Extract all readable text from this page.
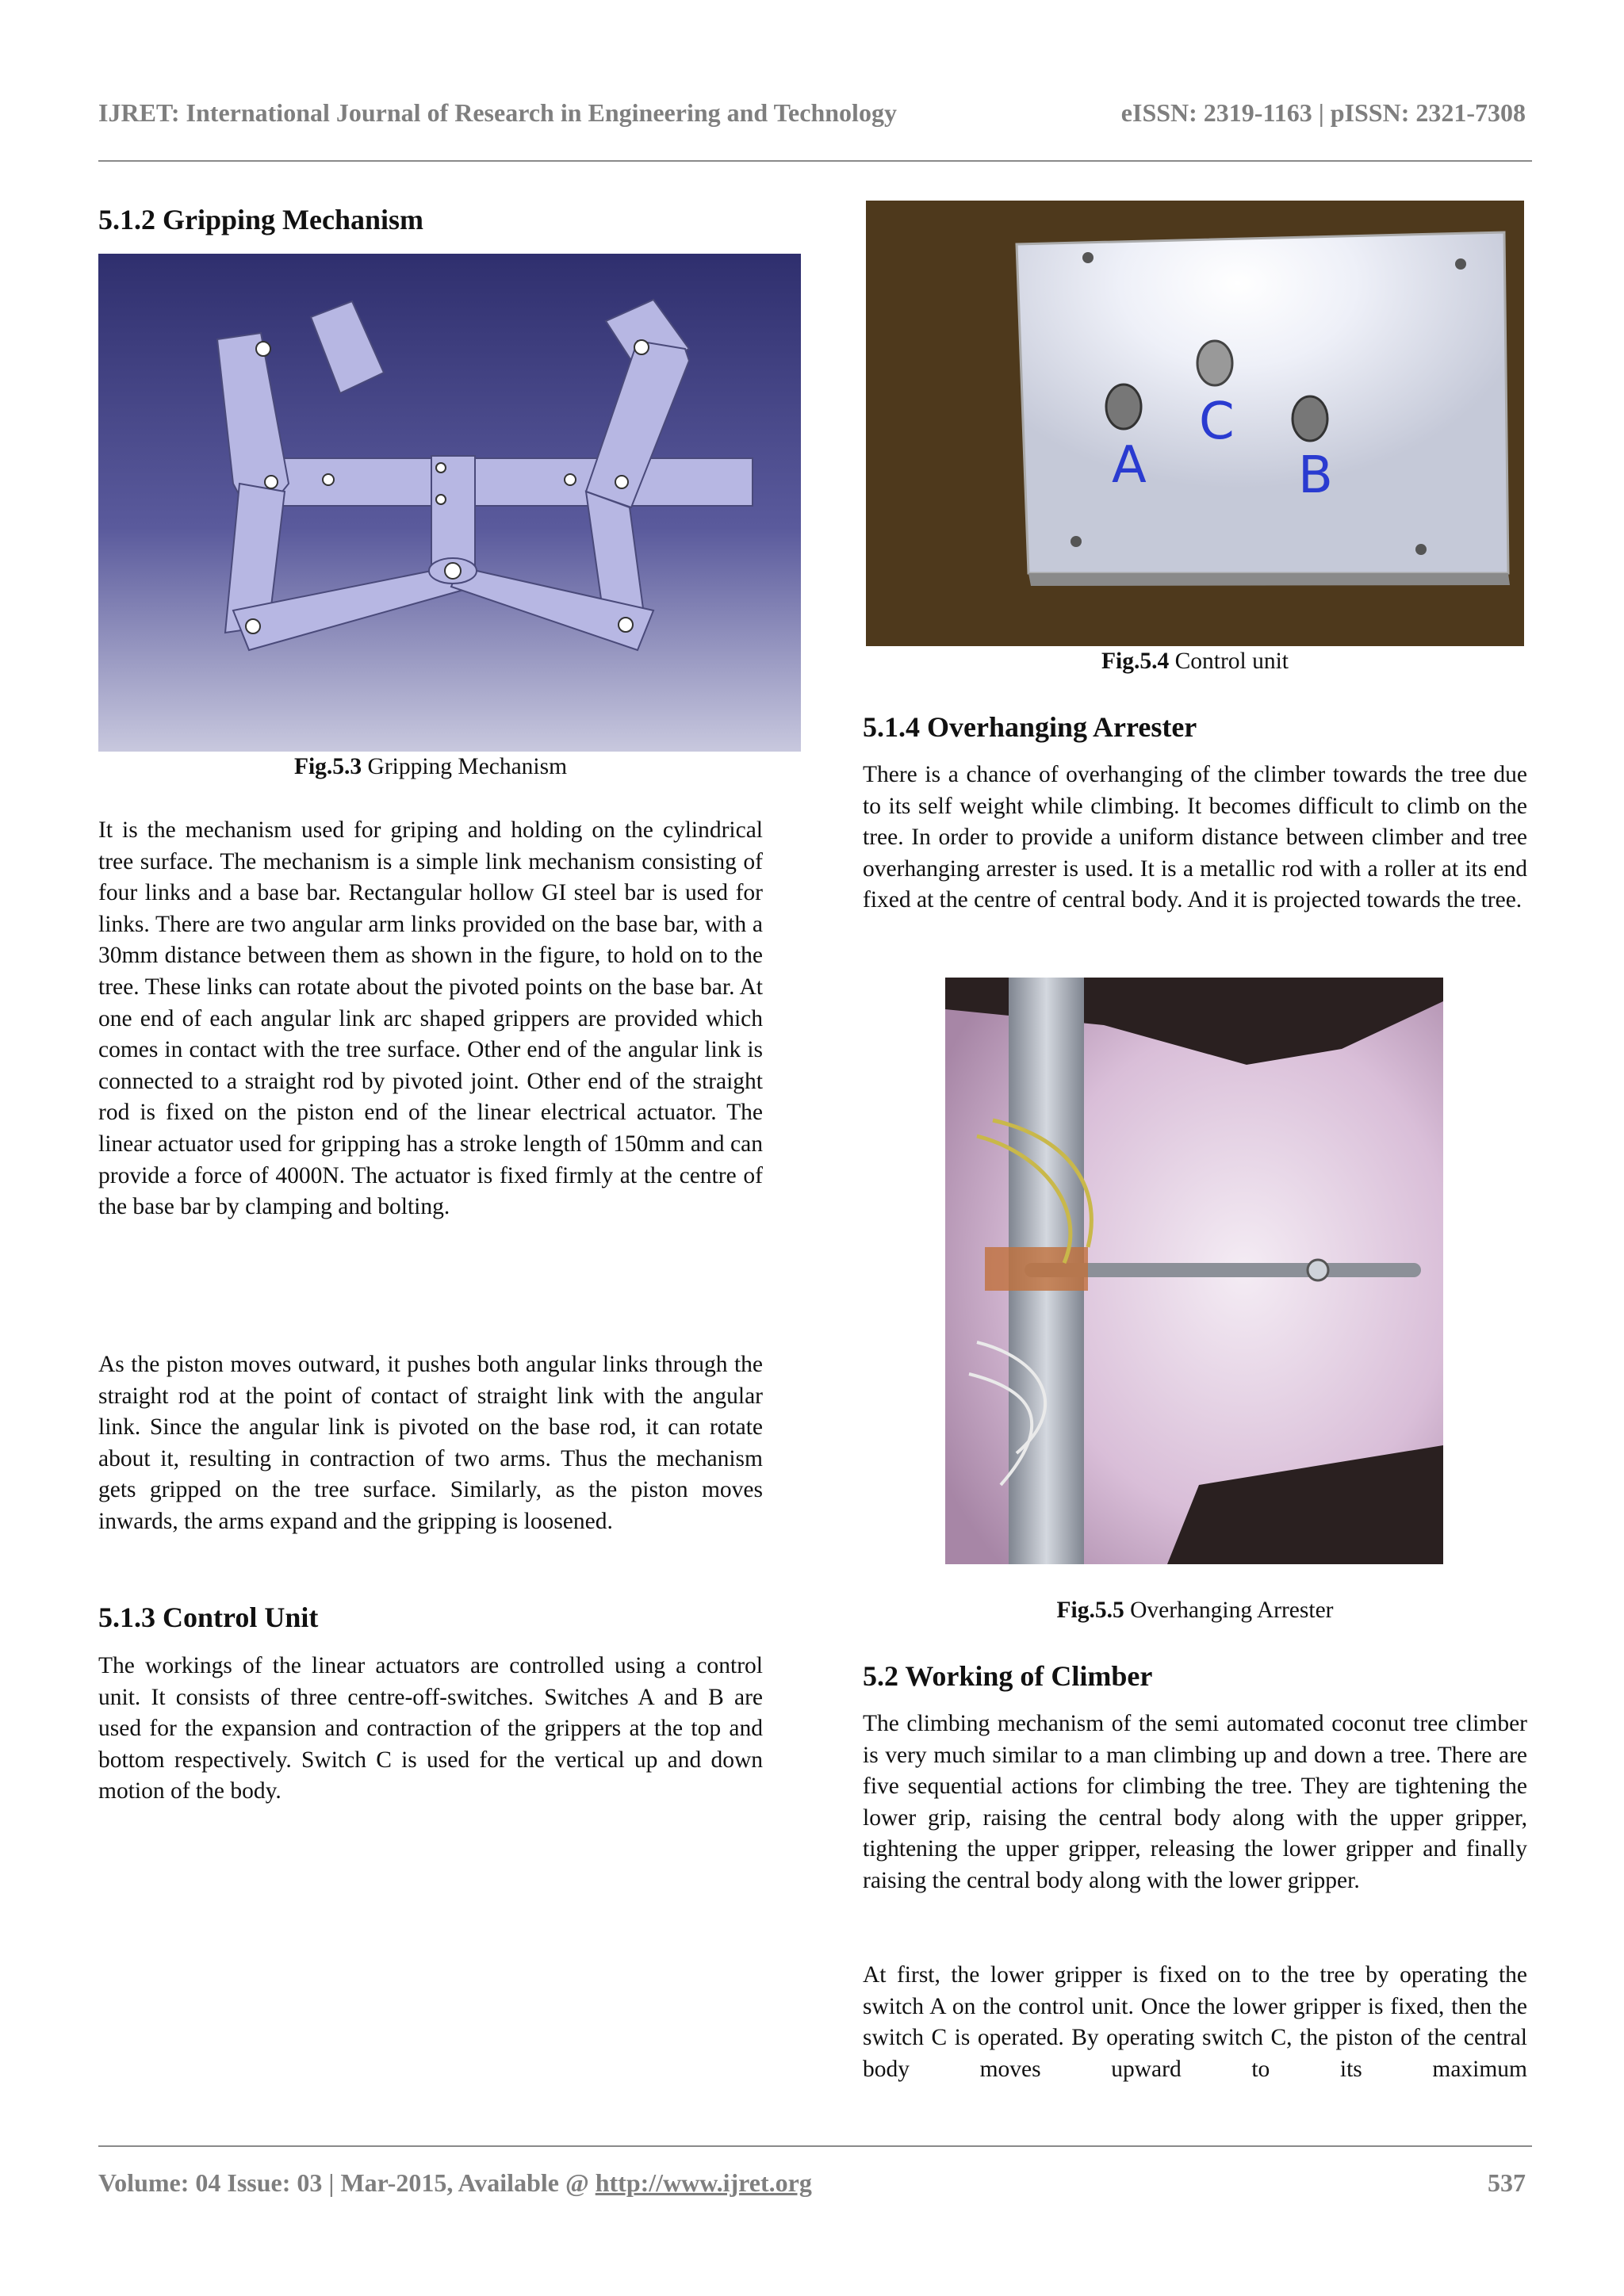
IJRET: International Journal of Research in Engineering and Technology	eISSN: 2319-1163 | pISSN: 2321-7308
5.1.2 Gripping Mechanism
Fig.5.3 Gripping Mechanism

It is the mechanism used for griping and holding on the cylindrical tree surface. The mechanism is a simple link mechanism consisting of four links and a base bar. Rectangular hollow GI steel bar is used for links. There are two angular arm links provided on the base bar, with a 30mm distance between them as shown in the figure, to hold on to the tree. These links can rotate about the pivoted points on the base bar. At one end of each angular link arc shaped grippers are provided which comes in contact with the tree surface. Other end of the angular link is connected to a straight rod by pivoted joint. Other end of the straight rod is fixed on the piston end of the linear electrical actuator. The linear actuator used for gripping has a stroke length of 150mm and can provide a force of 4000N. The actuator is fixed firmly at the centre of the base bar by clamping and bolting.

As the piston moves outward, it pushes both angular links through the straight rod at the point of contact of straight link with the angular link. Since the angular link is pivoted on the base rod, it can rotate about it, resulting in contraction of two arms. Thus the mechanism gets gripped on the tree surface. Similarly, as the piston moves inwards, the arms expand and the gripping is loosened.

5.1.3 Control Unit

The workings of the linear actuators are controlled using a control unit. It consists of three centre-off-switches. Switches A and B are used for the expansion and contraction of the grippers at the top and bottom respectively. Switch C is used for the vertical up and down motion of the body.

A
C
B
Fig.5.4 Control unit
5.1.4 Overhanging Arrester

There is a chance of overhanging of the climber towards the tree due to its self weight while climbing. It becomes difficult to climb on the tree. In order to provide a uniform distance between climber and tree overhanging arrester is used. It is a metallic rod with a roller at its end fixed at the centre of central body. And it is projected towards the tree.

Fig.5.5 Overhanging Arrester
5.2 Working of Climber

The climbing mechanism of the semi automated coconut tree climber is very much similar to a man climbing up and down a tree. There are five sequential actions for climbing the tree. They are tightening the lower grip, raising the central body along with the upper gripper, tightening the upper gripper, releasing the lower gripper and finally raising the central body along with the lower gripper.

At first, the lower gripper is fixed on to the tree by operating the switch A on the control unit. Once the lower gripper is fixed, then the switch C is operated. By operating switch C, the piston of the central body moves upward to its maximum

Volume: 04 Issue: 03 | Mar-2015, Available @ http://www.ijret.org	537
